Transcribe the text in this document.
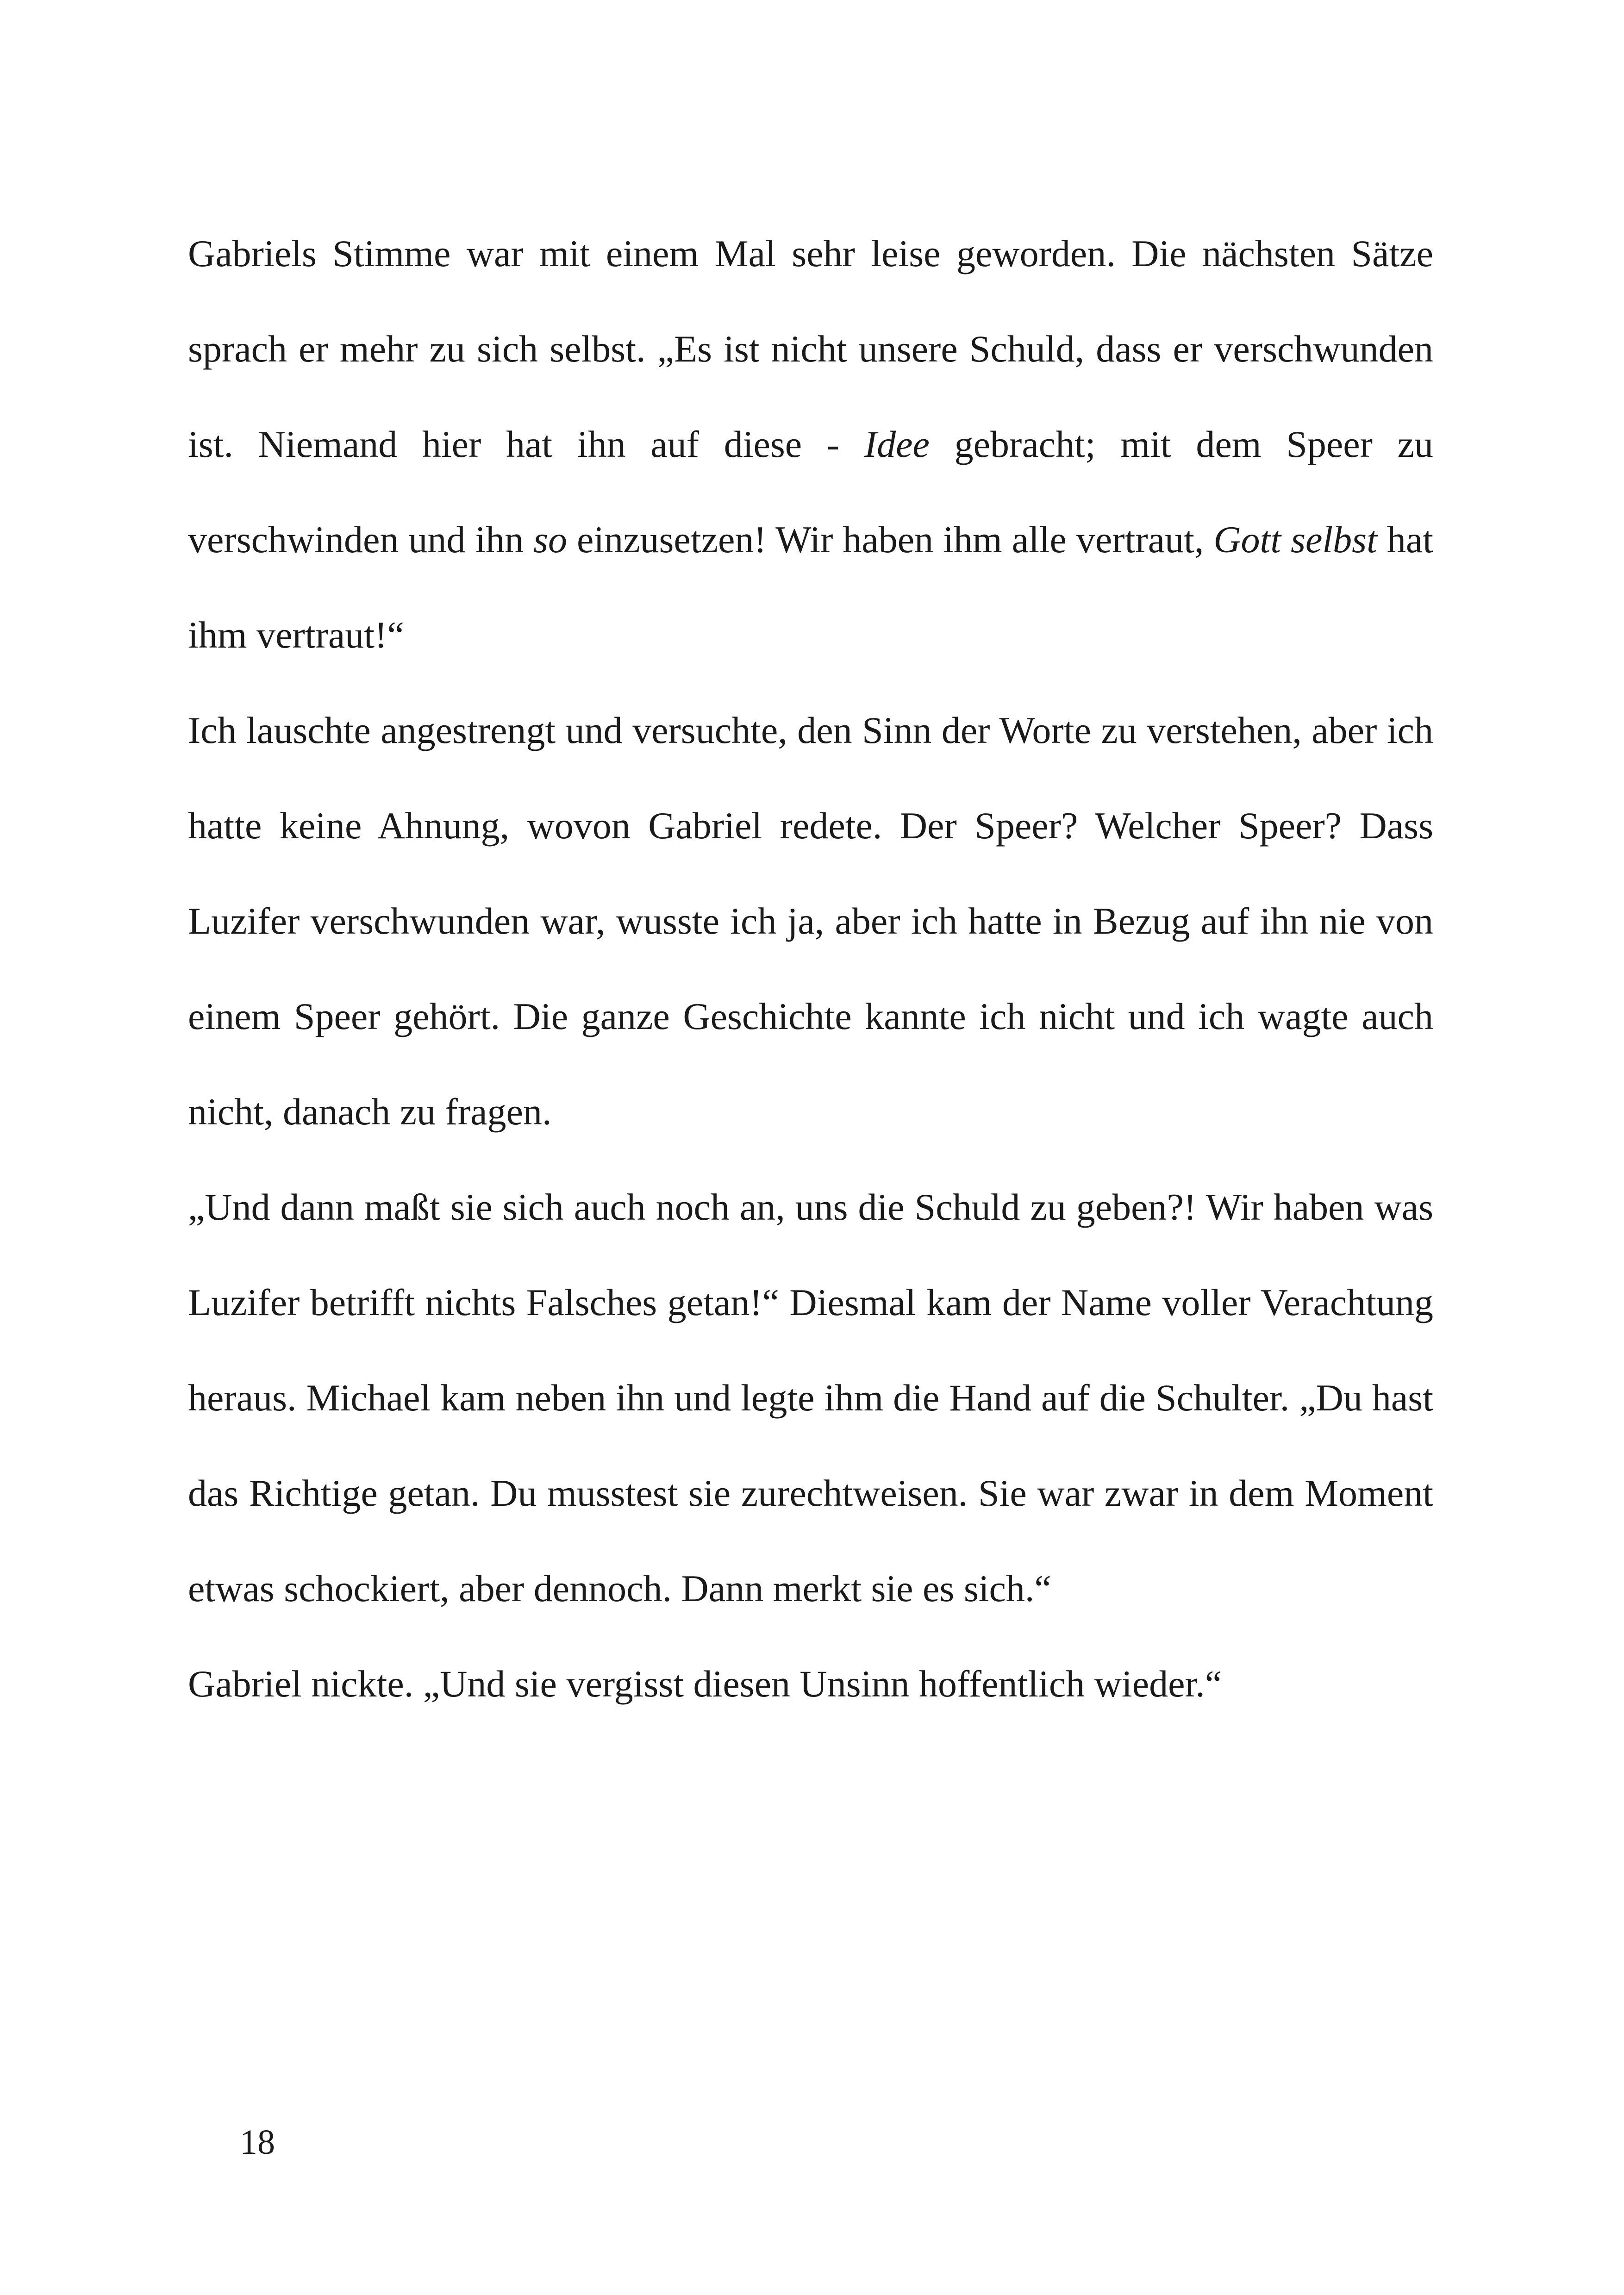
Gabriels Stimme war mit einem Mal sehr leise geworden. Die nächsten Sätze sprach er mehr zu sich selbst. „Es ist nicht unsere Schuld, dass er verschwunden ist. Niemand hier hat ihn auf diese - Idee gebracht; mit dem Speer zu verschwinden und ihn so einzusetzen! Wir haben ihm alle vertraut, Gott selbst hat ihm vertraut!“

Ich lauschte angestrengt und versuchte, den Sinn der Worte zu verstehen, aber ich hatte keine Ahnung, wovon Gabriel redete. Der Speer? Welcher Speer? Dass Luzifer verschwunden war, wusste ich ja, aber ich hatte in Bezug auf ihn nie von einem Speer gehört. Die ganze Geschichte kannte ich nicht und ich wagte auch nicht, danach zu fragen.

„Und dann maßt sie sich auch noch an, uns die Schuld zu geben?! Wir haben was Luzifer betrifft nichts Falsches getan!“ Diesmal kam der Name voller Verachtung heraus. Michael kam neben ihn und legte ihm die Hand auf die Schulter. „Du hast das Richtige getan. Du musstest sie zurechtweisen. Sie war zwar in dem Moment etwas schockiert, aber dennoch. Dann merkt sie es sich.“

Gabriel nickte. „Und sie vergisst diesen Unsinn hoffentlich wieder.“

18
